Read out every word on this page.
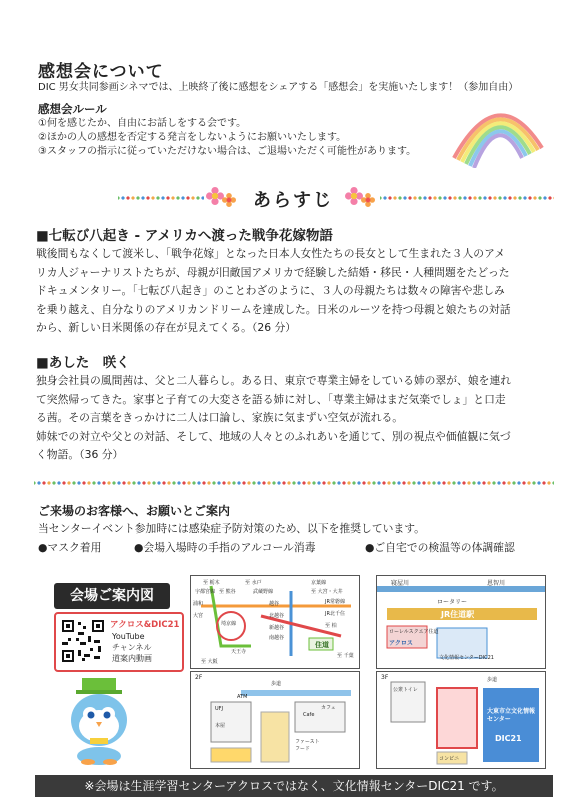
感想会について
DIC 男女共同参画シネマでは、上映終了後に感想をシェアする「感想会」を実施いたします！（参加自由）
感想会ルール
①何を感じたか、自由にお話しをする会です。
②ほかの人の感想を否定する発言をしないようにお願いいたします。
③スタッフの指示に従っていただけない場合は、ご退場いただく可能性があります。
あらすじ
■七転び八起き - アメリカへ渡った戦争花嫁物語
戦後間もなくして渡米し、「戦争花嫁」となった日本人女性たちの長女として生まれた３人のアメ
リカ人ジャーナリストたちが、母親が旧敵国アメリカで経験した結婚・移民・人種問題をたどった
ドキュメンタリー。「七転び八起き」のことわざのように、３人の母親たちは数々の障害や悲しみ
を乗り越え、自分なりのアメリカンドリームを達成した。日米のルーツを持つ母親と娘たちの対話
から、新しい日米関係の存在が見えてくる。（26 分）
■あした　咲く
独身会社員の風間茜は、父と二人暮らし。ある日、東京で専業主婦をしている姉の翠が、娘を連れ
て突然帰ってきた。家事と子育ての大変さを語る姉に対し、「専業主婦はまだ気楽でしょ」と口走
る茜。その言葉をきっかけに二人は口論し、家族に気まずい空気が流れる。
姉妹での対立や父との対話、そして、地域の人々とのふれあいを通じて、別の視点や価値観に気づ
く物語。（36 分）
ご来場のお客様へ、お願いとご案内
当センターイベント参加時には感染症予防対策のため、以下を推奨しています。
●マスク着用	●会場入場時の手指のアルコール消毒	●ご自宅での検温等の体調確認
会場ご案内図
アクロス&DIC21
YouTube
チャンネル
道案内動画
至 栃木	至 水戸
宇都宮線 至 熊谷
京葉線
至 大宮・大井
武蔵野線
浦和	越谷
大宮	北越谷
JR常磐線
埼京線
JR北千住
新越谷
南越谷
住道
至 柏
至 千葉
天王寺
至 大阪
寝屋川	恩智川
ロータリー
JR住道駅
ローレルスクエア住道
アクロス
文化情報センターDIC21
2F
歩道
ATM
UFJ
本屋
Cafe
ファースト フード
カフェ
3F
公衆トイレ
大東市立文化情報センター
DIC21
コンビニ
歩道
※会場は生涯学習センターアクロスではなく、文化情報センターDIC21 です。
